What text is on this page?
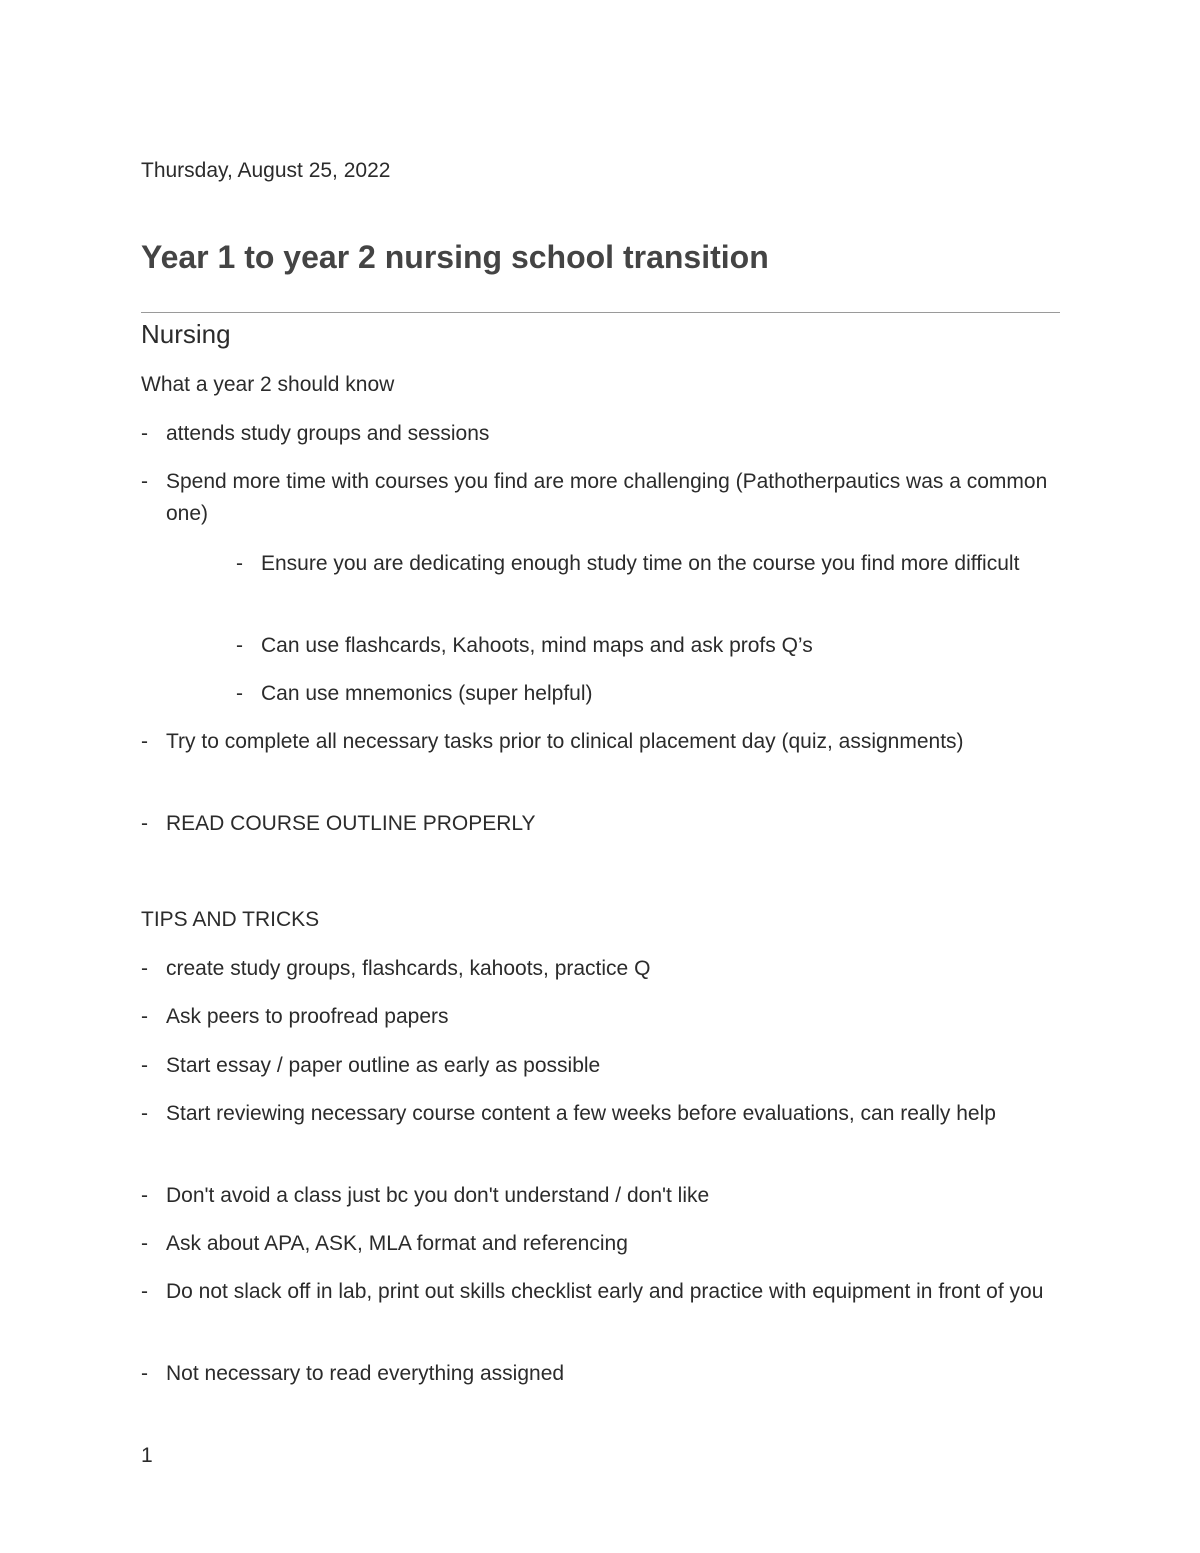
Thursday, August 25, 2022
Year 1 to year 2 nursing school transition
Nursing
What a year 2 should know
- attends study groups and sessions
- Spend more time with courses you find are more challenging (Pathotherpautics was a common one)
- Ensure you are dedicating enough study time on the course you find more difficult
- Can use flashcards, Kahoots, mind maps and ask profs Q’s
- Can use mnemonics (super helpful)
- Try to complete all necessary tasks prior to clinical placement day (quiz, assignments)
- READ COURSE OUTLINE PROPERLY
TIPS AND TRICKS
- create study groups, flashcards, kahoots, practice Q
- Ask peers to proofread papers
- Start essay / paper outline as early as possible
- Start reviewing necessary course content a few weeks before evaluations, can really help
- Don't avoid a class just bc you don't understand / don't like
- Ask about APA, ASK, MLA format and referencing
- Do not slack off in lab, print out skills checklist early and practice with equipment in front of you
- Not necessary to read everything assigned
1
